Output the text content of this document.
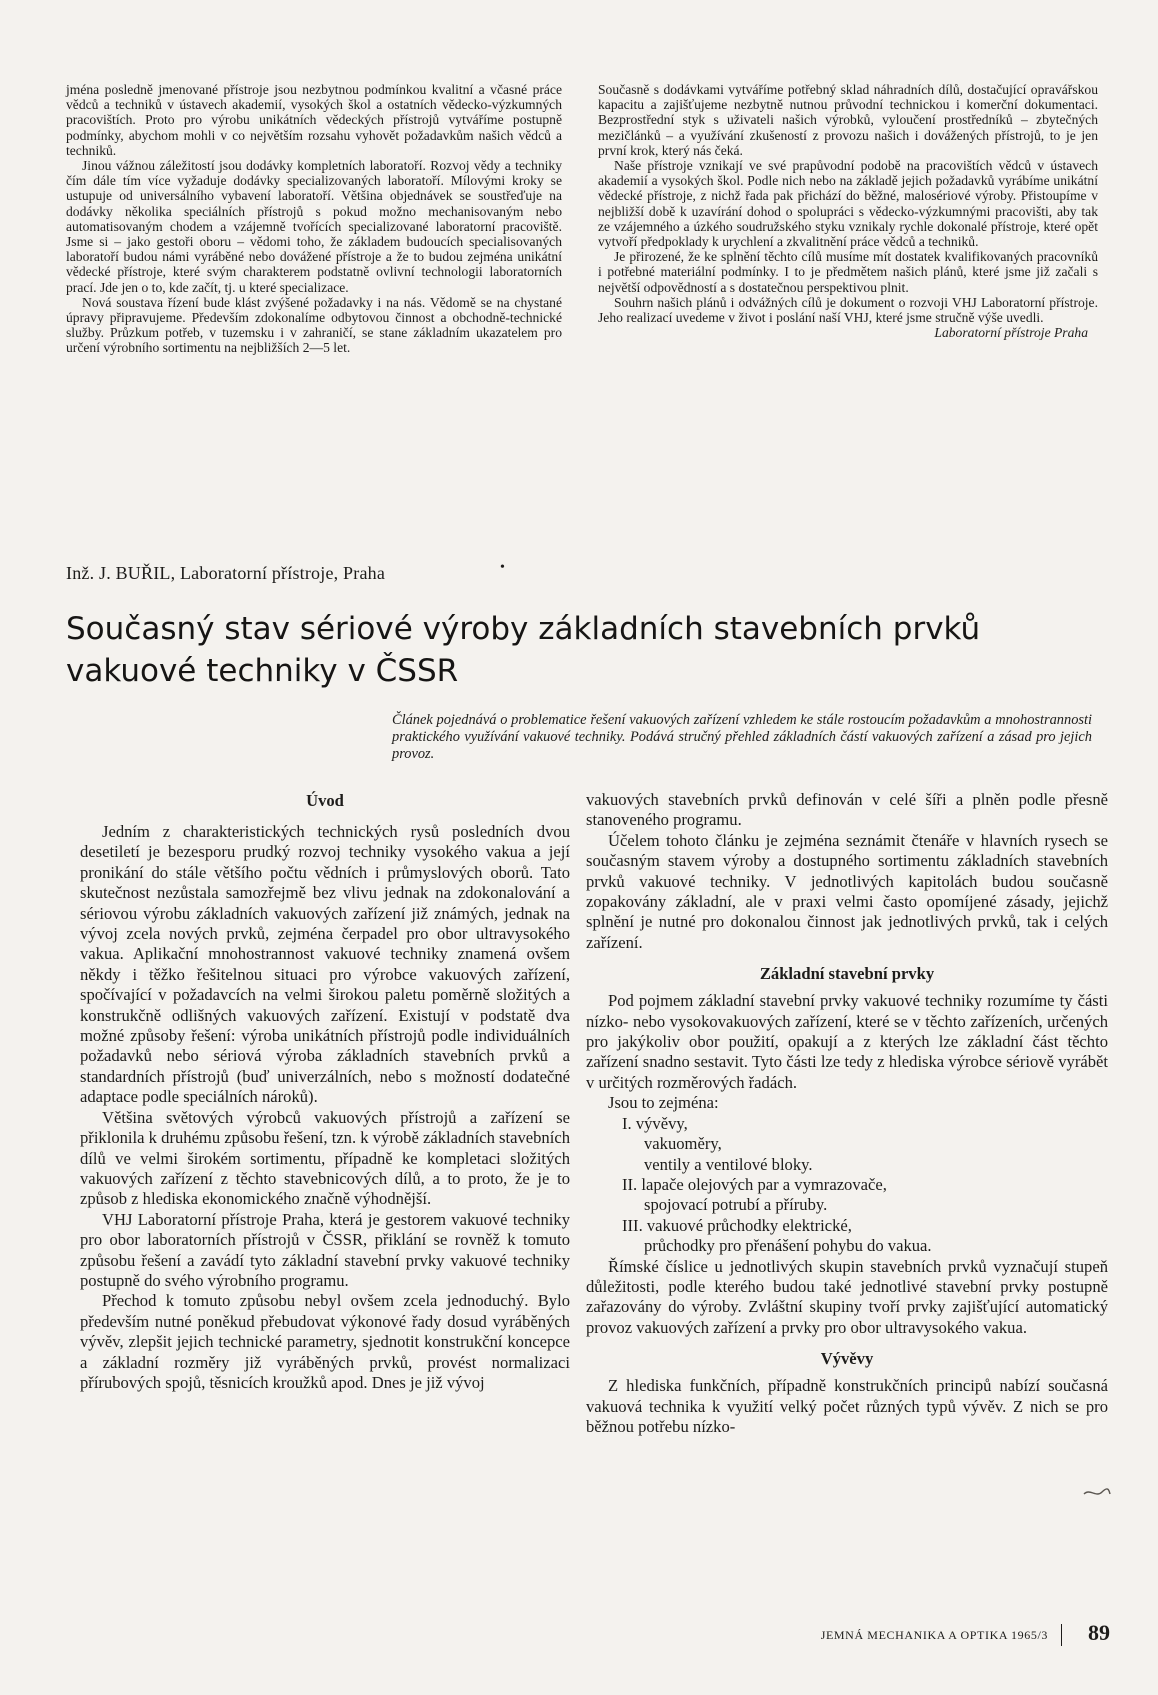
jména posledně jmenované přístroje jsou nezbytnou podmínkou kvalitní a včasné práce vědců a techniků v ústavech akademií, vysokých škol a ostatních vědecko-výzkumných pracovištích. Proto pro výrobu unikátních vědeckých přístrojů vytváříme postupně podmínky, abychom mohli v co největším rozsahu vyhovět požadavkům našich vědců a techniků.

Jinou vážnou záležitostí jsou dodávky kompletních laboratoří. Rozvoj vědy a techniky čím dále tím více vyžaduje dodávky specializovaných laboratoří. Mílovými kroky se ustupuje od universálního vybavení laboratoří. Většina objednávek se soustřeďuje na dodávky několika speciálních přístrojů s pokud možno mechanisovaným nebo automatisovaným chodem a vzájemně tvořících specializované laboratorní pracoviště. Jsme si – jako gestoři oboru – vědomi toho, že základem budoucích specialisovaných laboratoří budou námi vyráběné nebo dovážené přístroje a že to budou zejména unikátní vědecké přístroje, které svým charakterem podstatně ovlivní technologii laboratorních prací. Jde jen o to, kde začít, tj. u které specializace.

Nová soustava řízení bude klást zvýšené požadavky i na nás. Vědomě se na chystané úpravy připravujeme. Především zdokonalíme odbytovou činnost a obchodně-technické služby. Průzkum potřeb, v tuzemsku i v zahraničí, se stane základním ukazatelem pro určení výrobního sortimentu na nejbližších 2—5 let.

Současně s dodávkami vytváříme potřebný sklad náhradních dílů, dostačující opravářskou kapacitu a zajišťujeme nezbytně nutnou průvodní technickou i komerční dokumentaci. Bezprostřední styk s uživateli našich výrobků, vyloučení prostředníků – zbytečných mezičlánků – a využívání zkušeností z provozu našich i dovážených přístrojů, to je jen první krok, který nás čeká.

Naše přístroje vznikají ve své prapůvodní podobě na pracovištích vědců v ústavech akademií a vysokých škol. Podle nich nebo na základě jejich požadavků vyrábíme unikátní vědecké přístroje, z nichž řada pak přichází do běžné, malosériové výroby. Přistoupíme v nejbližší době k uzavírání dohod o spolupráci s vědecko-výzkumnými pracovišti, aby tak ze vzájemného a úzkého soudružského styku vznikaly rychle dokonalé přístroje, které opět vytvoří předpoklady k urychlení a zkvalitnění práce vědců a techniků.

Je přirozené, že ke splnění těchto cílů musíme mít dostatek kvalifikovaných pracovníků i potřebné materiální podmínky. I to je předmětem našich plánů, které jsme již začali s největší odpovědností a s dostatečnou perspektivou plnit.

Souhrn našich plánů i odvážných cílů je dokument o rozvoji VHJ Laboratorní přístroje. Jeho realizací uvedeme v život i poslání naší VHJ, které jsme stručně výše uvedli.

Laboratorní přístroje Praha

Inž. J. BUŘIL, Laboratorní přístroje, Praha	•
Současný stav sériové výroby základních stavebních prvků
vakuové techniky v ČSSR

Článek pojednává o problematice řešení vakuových zařízení vzhledem ke stále rostoucím požadavkům a mnohostrannosti praktického využívání vakuové techniky. Podává stručný přehled základních částí vakuových zařízení a zásad pro jejich provoz.

Úvod

Jedním z charakteristických technických rysů posledních dvou desetiletí je bezesporu prudký rozvoj techniky vysokého vakua a její pronikání do stále většího počtu vědních i průmyslových oborů. Tato skutečnost nezůstala samozřejmě bez vlivu jednak na zdokonalování a sériovou výrobu základních vakuových zařízení již známých, jednak na vývoj zcela nových prvků, zejména čerpadel pro obor ultravysokého vakua. Aplikační mnohostrannost vakuové techniky znamená ovšem někdy i těžko řešitelnou situaci pro výrobce vakuových zařízení, spočívající v požadavcích na velmi širokou paletu poměrně složitých a konstrukčně odlišných vakuových zařízení. Existují v podstatě dva možné způsoby řešení: výroba unikátních přístrojů podle individuálních požadavků nebo sériová výroba základních stavebních prvků a standardních přístrojů (buď univerzálních, nebo s možností dodatečné adaptace podle speciálních nároků).

Většina světových výrobců vakuových přístrojů a zařízení se přiklonila k druhému způsobu řešení, tzn. k výrobě základních stavebních dílů ve velmi širokém sortimentu, případně ke kompletaci složitých vakuových zařízení z těchto stavebnicových dílů, a to proto, že je to způsob z hlediska ekonomického značně výhodnější.

VHJ Laboratorní přístroje Praha, která je gestorem vakuové techniky pro obor laboratorních přístrojů v ČSSR, přiklání se rovněž k tomuto způsobu řešení a zavádí tyto základní stavební prvky vakuové techniky postupně do svého výrobního programu.

Přechod k tomuto způsobu nebyl ovšem zcela jednoduchý. Bylo především nutné poněkud přebudovat výkonové řady dosud vyráběných vývěv, zlepšit jejich technické parametry, sjednotit konstrukční koncepce a základní rozměry již vyráběných prvků, provést normalizaci přírubových spojů, těsnicích kroužků apod. Dnes je již vývoj

vakuových stavebních prvků definován v celé šíři a plněn podle přesně stanoveného programu.

Účelem tohoto článku je zejména seznámit čtenáře v hlavních rysech se současným stavem výroby a dostupného sortimentu základních stavebních prvků vakuové techniky. V jednotlivých kapitolách budou současně zopakovány základní, ale v praxi velmi často opomíjené zásady, jejichž splnění je nutné pro dokonalou činnost jak jednotlivých prvků, tak i celých zařízení.

Základní stavební prvky

Pod pojmem základní stavební prvky vakuové techniky rozumíme ty části nízko- nebo vysokovakuových zařízení, které se v těchto zařízeních, určených pro jakýkoliv obor použití, opakují a z kterých lze základní část těchto zařízení snadno sestavit. Tyto části lze tedy z hlediska výrobce sériově vyrábět v určitých rozměrových řadách.

Jsou to zejména:

I. vývěvy,
vakuoměry,
ventily a ventilové bloky.
II. lapače olejových par a vymrazovače,
spojovací potrubí a příruby.
III. vakuové průchodky elektrické,
průchodky pro přenášení pohybu do vakua.

Římské číslice u jednotlivých skupin stavebních prvků vyznačují stupeň důležitosti, podle kterého budou také jednotlivé stavební prvky postupně zařazovány do výroby. Zvláštní skupiny tvoří prvky zajišťující automatický provoz vakuových zařízení a prvky pro obor ultravysokého vakua.

Vývěvy

Z hlediska funkčních, případně konstrukčních principů nabízí současná vakuová technika k využití velký počet různých typů vývěv. Z nich se pro běžnou potřebu nízko-

JEMNÁ MECHANIKA A OPTIKA 1965/3 89
